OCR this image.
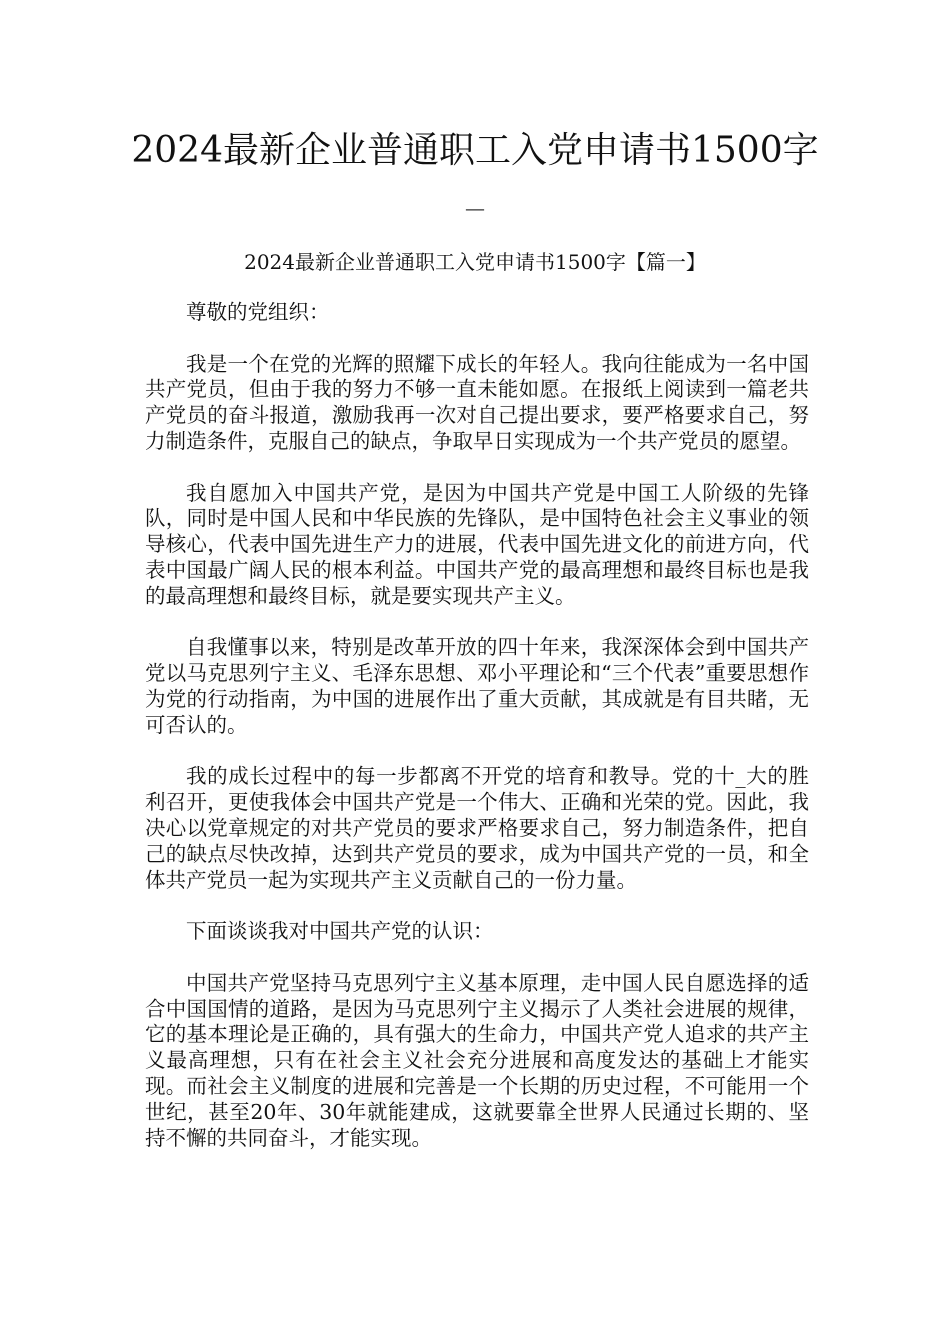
2024最新企业普通职工入党申请书1500字
—
2024最新企业普通职工入党申请书1500字【篇一】

尊敬的党组织：

我是一个在党的光辉的照耀下成长的年轻人。我向往能成为一名中国共产党员，但由于我的努力不够一直未能如愿。在报纸上阅读到一篇老共产党员的奋斗报道，激励我再一次对自己提出要求，要严格要求自己，努力制造条件，克服自己的缺点，争取早日实现成为一个共产党员的愿望。

我自愿加入中国共产党，是因为中国共产党是中国工人阶级的先锋队，同时是中国人民和中华民族的先锋队，是中国特色社会主义事业的领导核心，代表中国先进生产力的进展，代表中国先进文化的前进方向，代表中国最广阔人民的根本利益。中国共产党的最高理想和最终目标也是我的最高理想和最终目标，就是要实现共产主义。

自我懂事以来，特别是改革开放的四十年来，我深深体会到中国共产党以马克思列宁主义、毛泽东思想、邓小平理论和“三个代表”重要思想作为党的行动指南，为中国的进展作出了重大贡献，其成就是有目共睹，无可否认的。

我的成长过程中的每一步都离不开党的培育和教导。党的十_大的胜利召开，更使我体会中国共产党是一个伟大、正确和光荣的党。因此，我决心以党章规定的对共产党员的要求严格要求自己，努力制造条件，把自己的缺点尽快改掉，达到共产党员的要求，成为中国共产党的一员，和全体共产党员一起为实现共产主义贡献自己的一份力量。

下面谈谈我对中国共产党的认识：

中国共产党坚持马克思列宁主义基本原理，走中国人民自愿选择的适合中国国情的道路，是因为马克思列宁主义揭示了人类社会进展的规律，它的基本理论是正确的，具有强大的生命力，中国共产党人追求的共产主义最高理想，只有在社会主义社会充分进展和高度发达的基础上才能实现。而社会主义制度的进展和完善是一个长期的历史过程，不可能用一个世纪，甚至20年、30年就能建成，这就要靠全世界人民通过长期的、坚持不懈的共同奋斗，才能实现。
